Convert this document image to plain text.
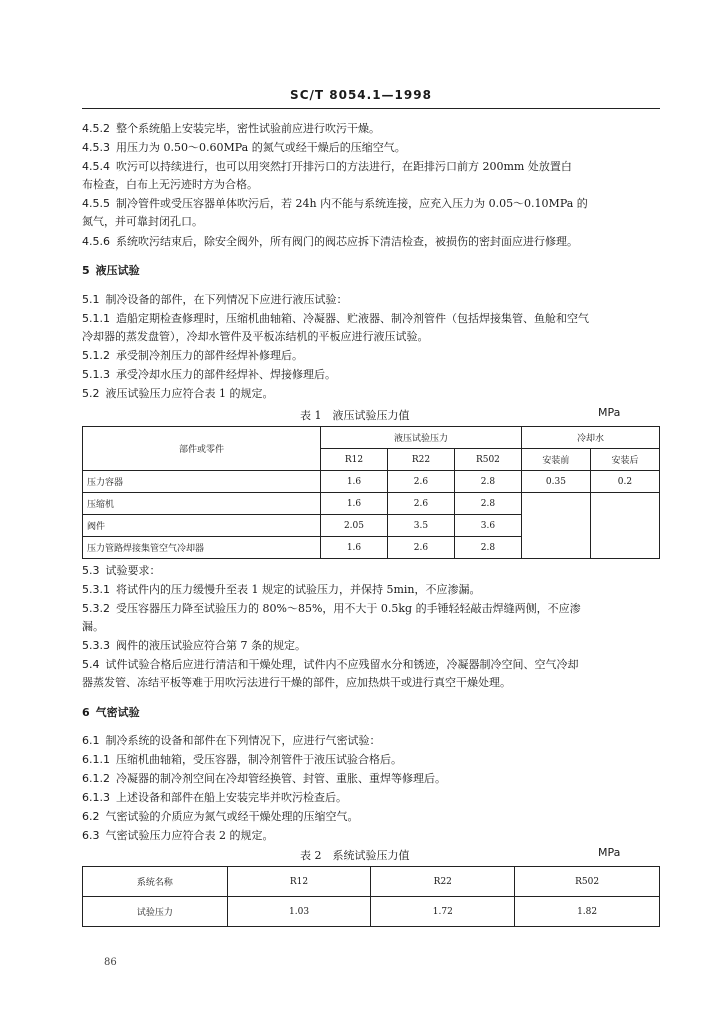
SC/T 8054.1—1998
4.5.2 整个系统船上安装完毕，密性试验前应进行吹污干燥。
4.5.3 用压力为 0.50～0.60MPa 的氮气或经干燥后的压缩空气。
4.5.4 吹污可以持续进行，也可以用突然打开排污口的方法进行，在距排污口前方 200mm 处放置白
布检查，白布上无污迹时方为合格。
4.5.5 制冷管件或受压容器单体吹污后，若 24h 内不能与系统连接，应充入压力为 0.05～0.10MPa 的
氮气，并可靠封闭孔口。
4.5.6 系统吹污结束后，除安全阀外，所有阀门的阀芯应拆下清洁检查，被损伤的密封面应进行修理。
5 液压试验
5.1 制冷设备的部件，在下列情况下应进行液压试验：
5.1.1 造船定期检查修理时，压缩机曲轴箱、冷凝器、贮液器、制冷剂管件（包括焊接集管、鱼舱和空气
冷却器的蒸发盘管），冷却水管件及平板冻结机的平板应进行液压试验。
5.1.2 承受制冷剂压力的部件经焊补修理后。
5.1.3 承受冷却水压力的部件经焊补、焊接修理后。
5.2 液压试验压力应符合表 1 的规定。
5.3 试验要求：
5.3.1 将试件内的压力缓慢升至表 1 规定的试验压力，并保持 5min，不应渗漏。
5.3.2 受压容器压力降至试验压力的 80%～85%，用不大于 0.5kg 的手锤轻轻敲击焊缝两侧，不应渗
漏。
5.3.3 阀件的液压试验应符合第 7 条的规定。
5.4 试件试验合格后应进行清洁和干燥处理，试件内不应残留水分和锈迹，冷凝器制冷空间、空气冷却
器蒸发管、冻结平板等难于用吹污法进行干燥的部件，应加热烘干或进行真空干燥处理。
6 气密试验
6.1 制冷系统的设备和部件在下列情况下，应进行气密试验：
6.1.1 压缩机曲轴箱，受压容器，制冷剂管件于液压试验合格后。
6.1.2 冷凝器的制冷剂空间在冷却管经换管、封管、重胀、重焊等修理后。
6.1.3 上述设备和部件在船上安装完毕并吹污检查后。
6.2 气密试验的介质应为氮气或经干燥处理的压缩空气。
6.3 气密试验压力应符合表 2 的规定。
表 1　液压试验压力值	MPa
部件或零件	液压试验压力			冷却水	
	R12	R22	R502	安装前	安装后
压力容器	1.6	2.6	2.8	0.35	0.2
压缩机	1.6	2.6	2.8		
阀件	2.05	3.5	3.6		
压力管路焊接集管空气冷却器	1.6	2.6	2.8		
表 2　系统试验压力值	MPa
系统名称	R12	R22	R502
试验压力	1.03	1.72	1.82
86
